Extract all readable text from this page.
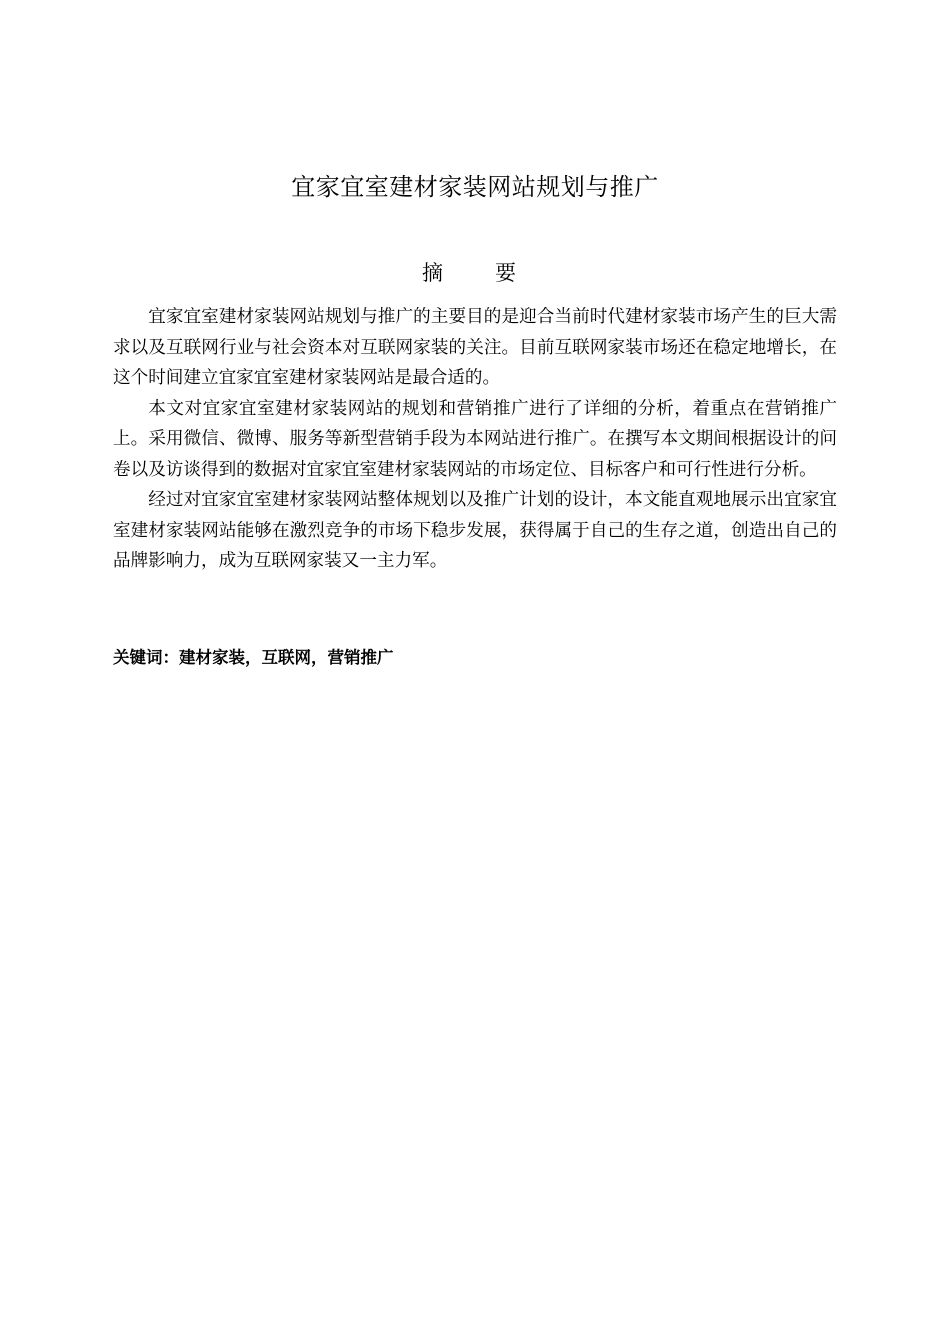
宜家宜室建材家装网站规划与推广
摘要

宜家宜室建材家装网站规划与推广的主要目的是迎合当前时代建材家装市场产生的巨大需求以及互联网行业与社会资本对互联网家装的关注。目前互联网家装市场还在稳定地增长，在这个时间建立宜家宜室建材家装网站是最合适的。

本文对宜家宜室建材家装网站的规划和营销推广进行了详细的分析，着重点在营销推广上。采用微信、微博、服务等新型营销手段为本网站进行推广。在撰写本文期间根据设计的问卷以及访谈得到的数据对宜家宜室建材家装网站的市场定位、目标客户和可行性进行分析。

经过对宜家宜室建材家装网站整体规划以及推广计划的设计，本文能直观地展示出宜家宜室建材家装网站能够在激烈竞争的市场下稳步发展，获得属于自己的生存之道，创造出自己的品牌影响力，成为互联网家装又一主力军。

关键词：建材家装，互联网，营销推广
